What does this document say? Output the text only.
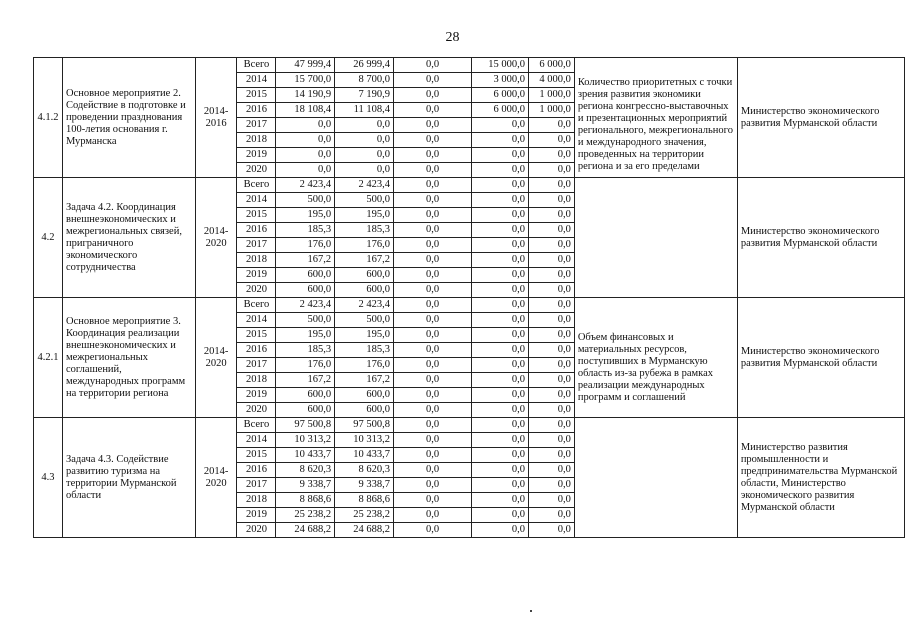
28
4.1.2	Основное мероприятие 2. Содействие в подготовке и проведении празднования 100-летия основания г. Мурманска	2014-2016	Всего	47 999,4	26 999,4	0,0	15 000,0	6 000,0	Количество приоритетных с точки зрения развития экономики региона конгрессно-выставочных и презентационных мероприятий регионального, межрегионального и международного значения, проведенных на территории региона и за его пределами	Министерство экономического развития Мурманской области
			2014	15 700,0	8 700,0	0,0	3 000,0	4 000,0		
			2015	14 190,9	7 190,9	0,0	6 000,0	1 000,0		
			2016	18 108,4	11 108,4	0,0	6 000,0	1 000,0		
			2017	0,0	0,0	0,0	0,0	0,0		
			2018	0,0	0,0	0,0	0,0	0,0		
			2019	0,0	0,0	0,0	0,0	0,0		
			2020	0,0	0,0	0,0	0,0	0,0		
4.2	Задача 4.2. Координация внешнеэкономических и межрегиональных связей, приграничного экономического сотрудничества	2014-2020	Всего	2 423,4	2 423,4	0,0	0,0	0,0		Министерство экономического развития Мурманской области
			2014	500,0	500,0	0,0	0,0	0,0		
			2015	195,0	195,0	0,0	0,0	0,0		
			2016	185,3	185,3	0,0	0,0	0,0		
			2017	176,0	176,0	0,0	0,0	0,0		
			2018	167,2	167,2	0,0	0,0	0,0		
			2019	600,0	600,0	0,0	0,0	0,0		
			2020	600,0	600,0	0,0	0,0	0,0		
4.2.1	Основное мероприятие 3. Координация реализации внешнеэкономических и межрегиональных соглашений, международных программ на территории региона	2014-2020	Всего	2 423,4	2 423,4	0,0	0,0	0,0	Объем финансовых и материальных ресурсов, поступивших в Мурманскую область из-за рубежа в рамках реализации международных программ и соглашений	Министерство экономического развития Мурманской области
			2014	500,0	500,0	0,0	0,0	0,0		
			2015	195,0	195,0	0,0	0,0	0,0		
			2016	185,3	185,3	0,0	0,0	0,0		
			2017	176,0	176,0	0,0	0,0	0,0		
			2018	167,2	167,2	0,0	0,0	0,0		
			2019	600,0	600,0	0,0	0,0	0,0		
			2020	600,0	600,0	0,0	0,0	0,0		
4.3	Задача 4.3. Содействие развитию туризма на территории Мурманской области	2014-2020	Всего	97 500,8	97 500,8	0,0	0,0	0,0		Министерство развития промышленности и предпринимательства Мурманской области, Министерство экономического развития Мурманской области
			2014	10 313,2	10 313,2	0,0	0,0	0,0		
			2015	10 433,7	10 433,7	0,0	0,0	0,0		
			2016	8 620,3	8 620,3	0,0	0,0	0,0		
			2017	9 338,7	9 338,7	0,0	0,0	0,0		
			2018	8 868,6	8 868,6	0,0	0,0	0,0		
			2019	25 238,2	25 238,2	0,0	0,0	0,0		
			2020	24 688,2	24 688,2	0,0	0,0	0,0		
